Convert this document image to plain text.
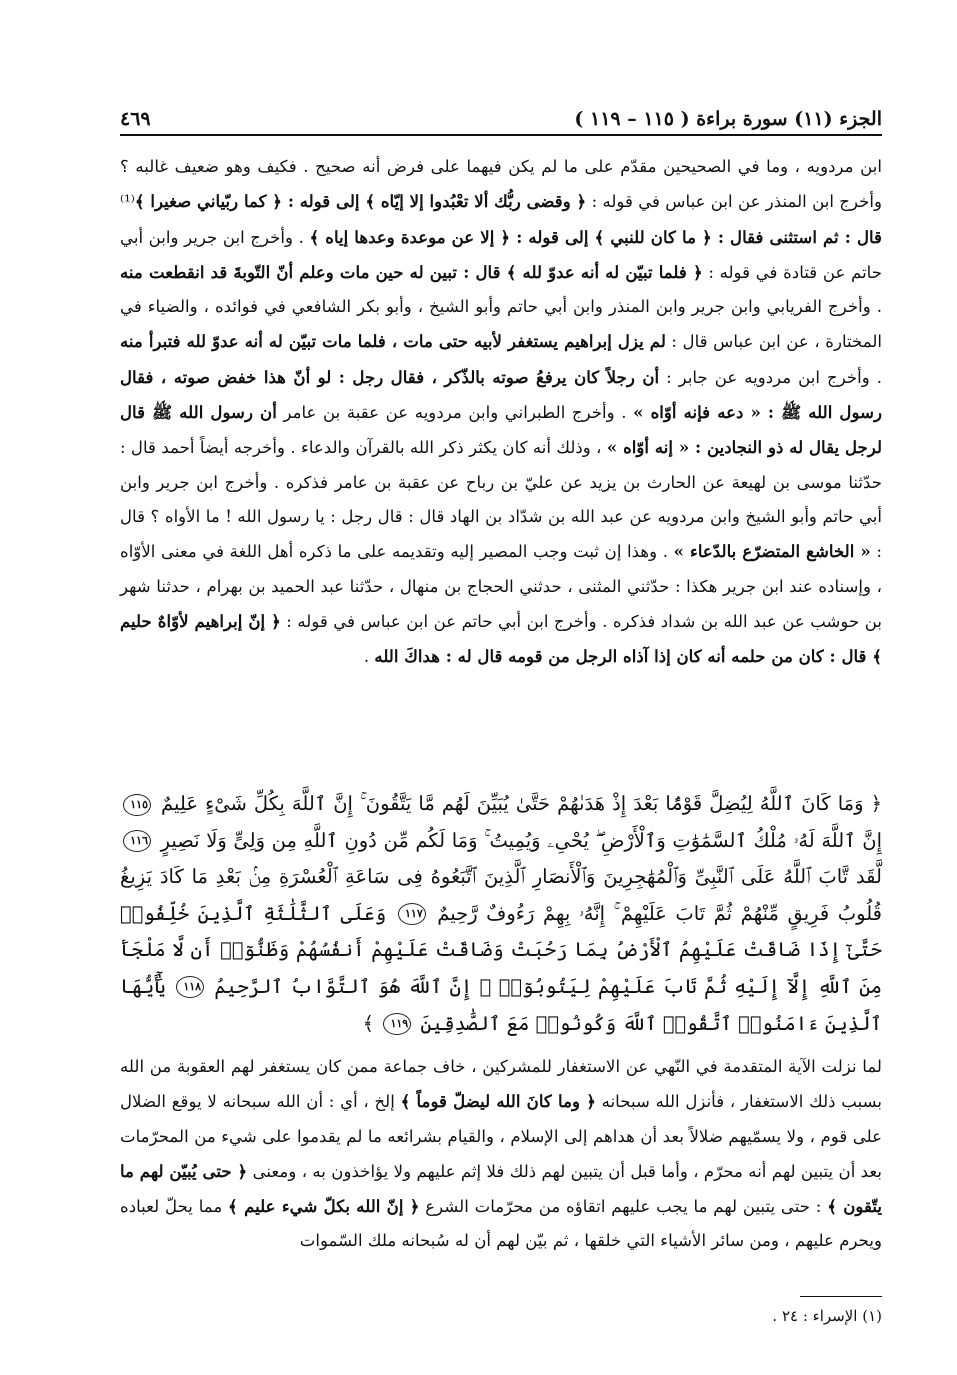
الجزء (١١) سورة براءة ( ١١٥ – ١١٩ )
٤٦٩
ابن مردويه ، وما في الصحيحين مقدّم على ما لم يكن فيهما على فرض أنه صحيح . فكيف وهو ضعيف غالبه ؟ وأخرج ابن المنذر عن ابن عباس في قوله : ﴿ وقضى ربُّك ألا تعْبُدوا إلا إيّاه ﴾ إلى قوله : ﴿ كما ربّياني صغيرا ﴾⁽¹⁾قال : ثم استثنى فقال : ﴿ ما كان للنبي ﴾ إلى قوله : ﴿ إلا عن موعدة وعدها إياه ﴾ . وأخرج ابن جرير وابن أبي حاتم عن قتادة في قوله : ﴿ فلما تبيّن له أنه عدوّ لله ﴾ قال : تبين له حين مات وعلم أنّ التّوبةَ قد انقطعت منه . وأخرج الفريابي وابن جرير وابن المنذر وابن أبي حاتم وأبو الشيخ ، وأبو بكر الشافعي في فوائده ، والضياء في المختارة ، عن ابن عباس قال : لم يزل إبراهيم يستغفر لأبيه حتى مات ، فلما مات تبيّن له أنه عدوّ لله فتبرأ منه . وأخرج ابن مردويه عن جابر : أن رجلاً كان يرفعُ صوته بالذّكر ، فقال رجل : لو أنّ هذا خفض صوته ، فقال رسول الله ﷺ : « دعه فإنه أوّاه » . وأخرج الطبراني وابن مردويه عن عقبة بن عامر أن رسول الله ﷺ قال لرجل يقال له ذو النجادين : « إنه أوّاه » ، وذلك أنه كان يكثر ذكر الله بالقرآن والدعاء . وأخرجه أيضاً أحمد قال : حدّثنا موسى بن لهيعة عن الحارث بن يزيد عن عليّ بن رباح عن عقبة بن عامر فذكره . وأخرج ابن جرير وابن أبي حاتم وأبو الشيخ وابن مردويه عن عبد الله بن شدّاد بن الهاد قال : قال رجل : يا رسول الله ! ما الأواه ؟ قال : « الخاشع المتضرّع بالدّعاء » . وهذا إن ثبت وجب المصير إليه وتقديمه على ما ذكره أهل اللغة في معنى الأوّاه ، وإسناده عند ابن جرير هكذا : حدّثني المثنى ، حدثني الحجاج بن منهال ، حدّثنا عبد الحميد بن بهرام ، حدثنا شهر بن حوشب عن عبد الله بن شداد فذكره . وأخرج ابن أبي حاتم عن ابن عباس في قوله : ﴿ إنّ إبراهيم لأوّاهٌ حليم ﴾ قال : كان من حلمه أنه كان إذا آذاه الرجل من قومه قال له : هداكَ الله .
﴿ وَمَا كَانَ ٱللَّهُ لِيُضِلَّ قَوْمًۢا بَعْدَ إِذْ هَدَىٰهُمْ حَتَّىٰ يُبَيِّنَ لَهُم مَّا يَتَّقُونَ ۚ إِنَّ ٱللَّهَ بِكُلِّ شَىْءٍ عَلِيمٌ ١١٥ إِنَّ ٱللَّهَ لَهُۥ مُلْكُ ٱلسَّمَٰوَٰتِ وَٱلْأَرْضِ ۖ يُحْىِۦ وَيُمِيتُ ۚ وَمَا لَكُم مِّن دُونِ ٱللَّهِ مِن وَلِىٍّ وَلَا نَصِيرٍ ١١٦ لَّقَد تَّابَ ٱللَّهُ عَلَى ٱلنَّبِىِّ وَٱلْمُهَٰجِرِينَ وَٱلْأَنصَارِ ٱلَّذِينَ ٱتَّبَعُوهُ فِى سَاعَةِ ٱلْعُسْرَةِ مِنۢ بَعْدِ مَا كَادَ يَزِيغُ قُلُوبُ فَرِيقٍ مِّنْهُمْ ثُمَّ تَابَ عَلَيْهِمْ ۚ إِنَّهُۥ بِهِمْ رَءُوفٌ رَّحِيمٌ ١١٧ وَعَلَى ٱلثَّلَٰثَةِ ٱلَّذِينَ خُلِّفُوا۟ حَتَّىٰٓ إِذَا ضَاقَتْ عَلَيْهِمُ ٱلْأَرْضُ بِمَا رَحُبَتْ وَضَاقَتْ عَلَيْهِمْ أَنفُسُهُمْ وَظَنُّوٓا۟ أَن لَّا مَلْجَأَ مِنَ ٱللَّهِ إِلَّآ إِلَيْهِ ثُمَّ تَابَ عَلَيْهِمْ لِيَتُوبُوٓا۟ ۚ إِنَّ ٱللَّهَ هُوَ ٱلتَّوَّابُ ٱلرَّحِيمُ ١١٨ يَٰٓأَيُّهَا ٱلَّذِينَ ءَامَنُوا۟ ٱتَّقُوا۟ ٱللَّهَ وَكُونُوا۟ مَعَ ٱلصَّٰدِقِينَ ١١٩ ﴾
لما نزلت الآية المتقدمة في النّهي عن الاستغفار للمشركين ، خاف جماعة ممن كان يستغفر لهم العقوبة من الله بسبب ذلك الاستغفار ، فأنزل الله سبحانه ﴿ وما كانَ الله ليضلّ قوماً ﴾ إلخ ، أي : أن الله سبحانه لا يوقع الضلال على قوم ، ولا يسمّيهم ضلالاً بعد أن هداهم إلى الإسلام ، والقيام بشرائعه ما لم يقدموا على شيء من المحرّمات بعد أن يتبين لهم أنه محرّم ، وأما قبل أن يتبين لهم ذلك فلا إثم عليهم ولا يؤاخذون به ، ومعنى ﴿ حتى يُبيّن لهم ما يتّقون ﴾ : حتى يتبين لهم ما يجب عليهم اتقاؤه من محرّمات الشرع ﴿ إنّ الله بكلّ شيء عليم ﴾ مما يحلّ لعباده ويحرم عليهم ، ومن سائر الأشياء التي خلقها ، ثم بيّن لهم أن له سُبحانه ملك السّموات
(١) الإسراء : ٢٤ .
